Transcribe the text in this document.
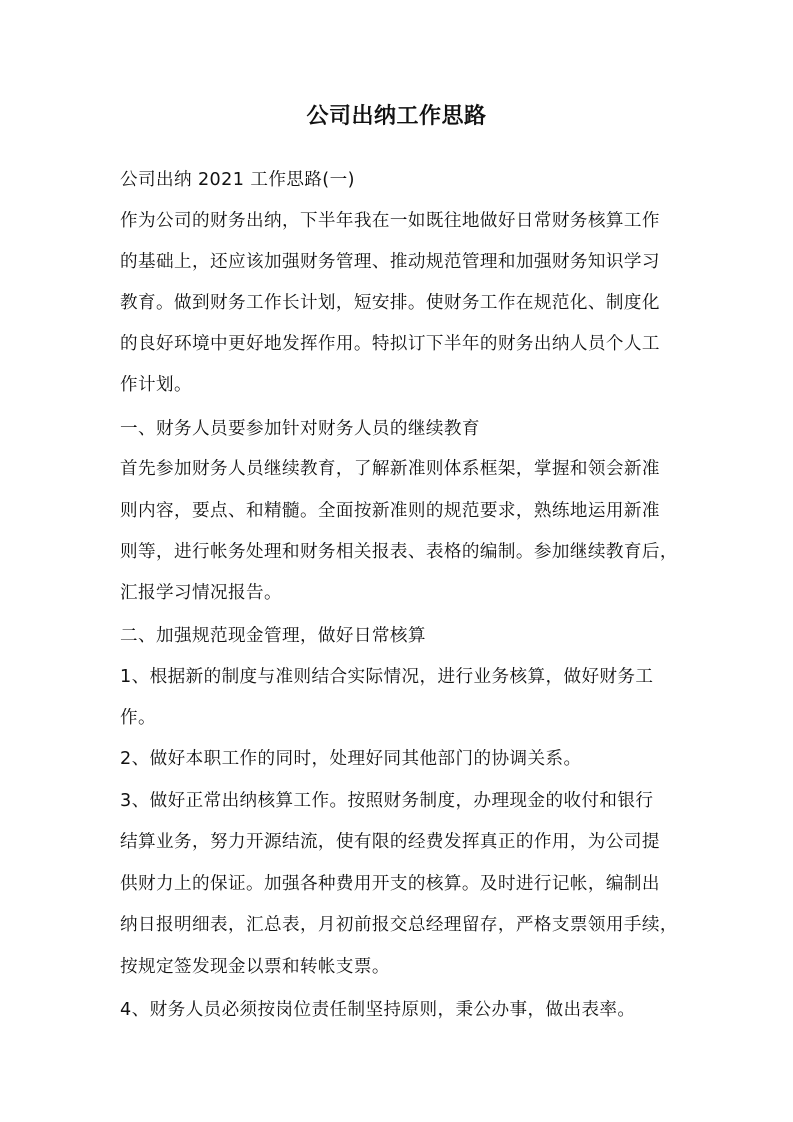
公司出纳工作思路
公司出纳 2021 工作思路(一)
作为公司的财务出纳，下半年我在一如既往地做好日常财务核算工作
的基础上，还应该加强财务管理、推动规范管理和加强财务知识学习
教育。做到财务工作长计划，短安排。使财务工作在规范化、制度化
的良好环境中更好地发挥作用。特拟订下半年的财务出纳人员个人工
作计划。
一、财务人员要参加针对财务人员的继续教育
首先参加财务人员继续教育，了解新准则体系框架，掌握和领会新准
则内容，要点、和精髓。全面按新准则的规范要求，熟练地运用新准
则等，进行帐务处理和财务相关报表、表格的编制。参加继续教育后，
汇报学习情况报告。
二、加强规范现金管理，做好日常核算
1、根据新的制度与准则结合实际情况，进行业务核算，做好财务工
作。
2、做好本职工作的同时，处理好同其他部门的协调关系。
3、做好正常出纳核算工作。按照财务制度，办理现金的收付和银行
结算业务，努力开源结流，使有限的经费发挥真正的作用，为公司提
供财力上的保证。加强各种费用开支的核算。及时进行记帐，编制出
纳日报明细表，汇总表，月初前报交总经理留存，严格支票领用手续，
按规定签发现金以票和转帐支票。
4、财务人员必须按岗位责任制坚持原则，秉公办事，做出表率。
